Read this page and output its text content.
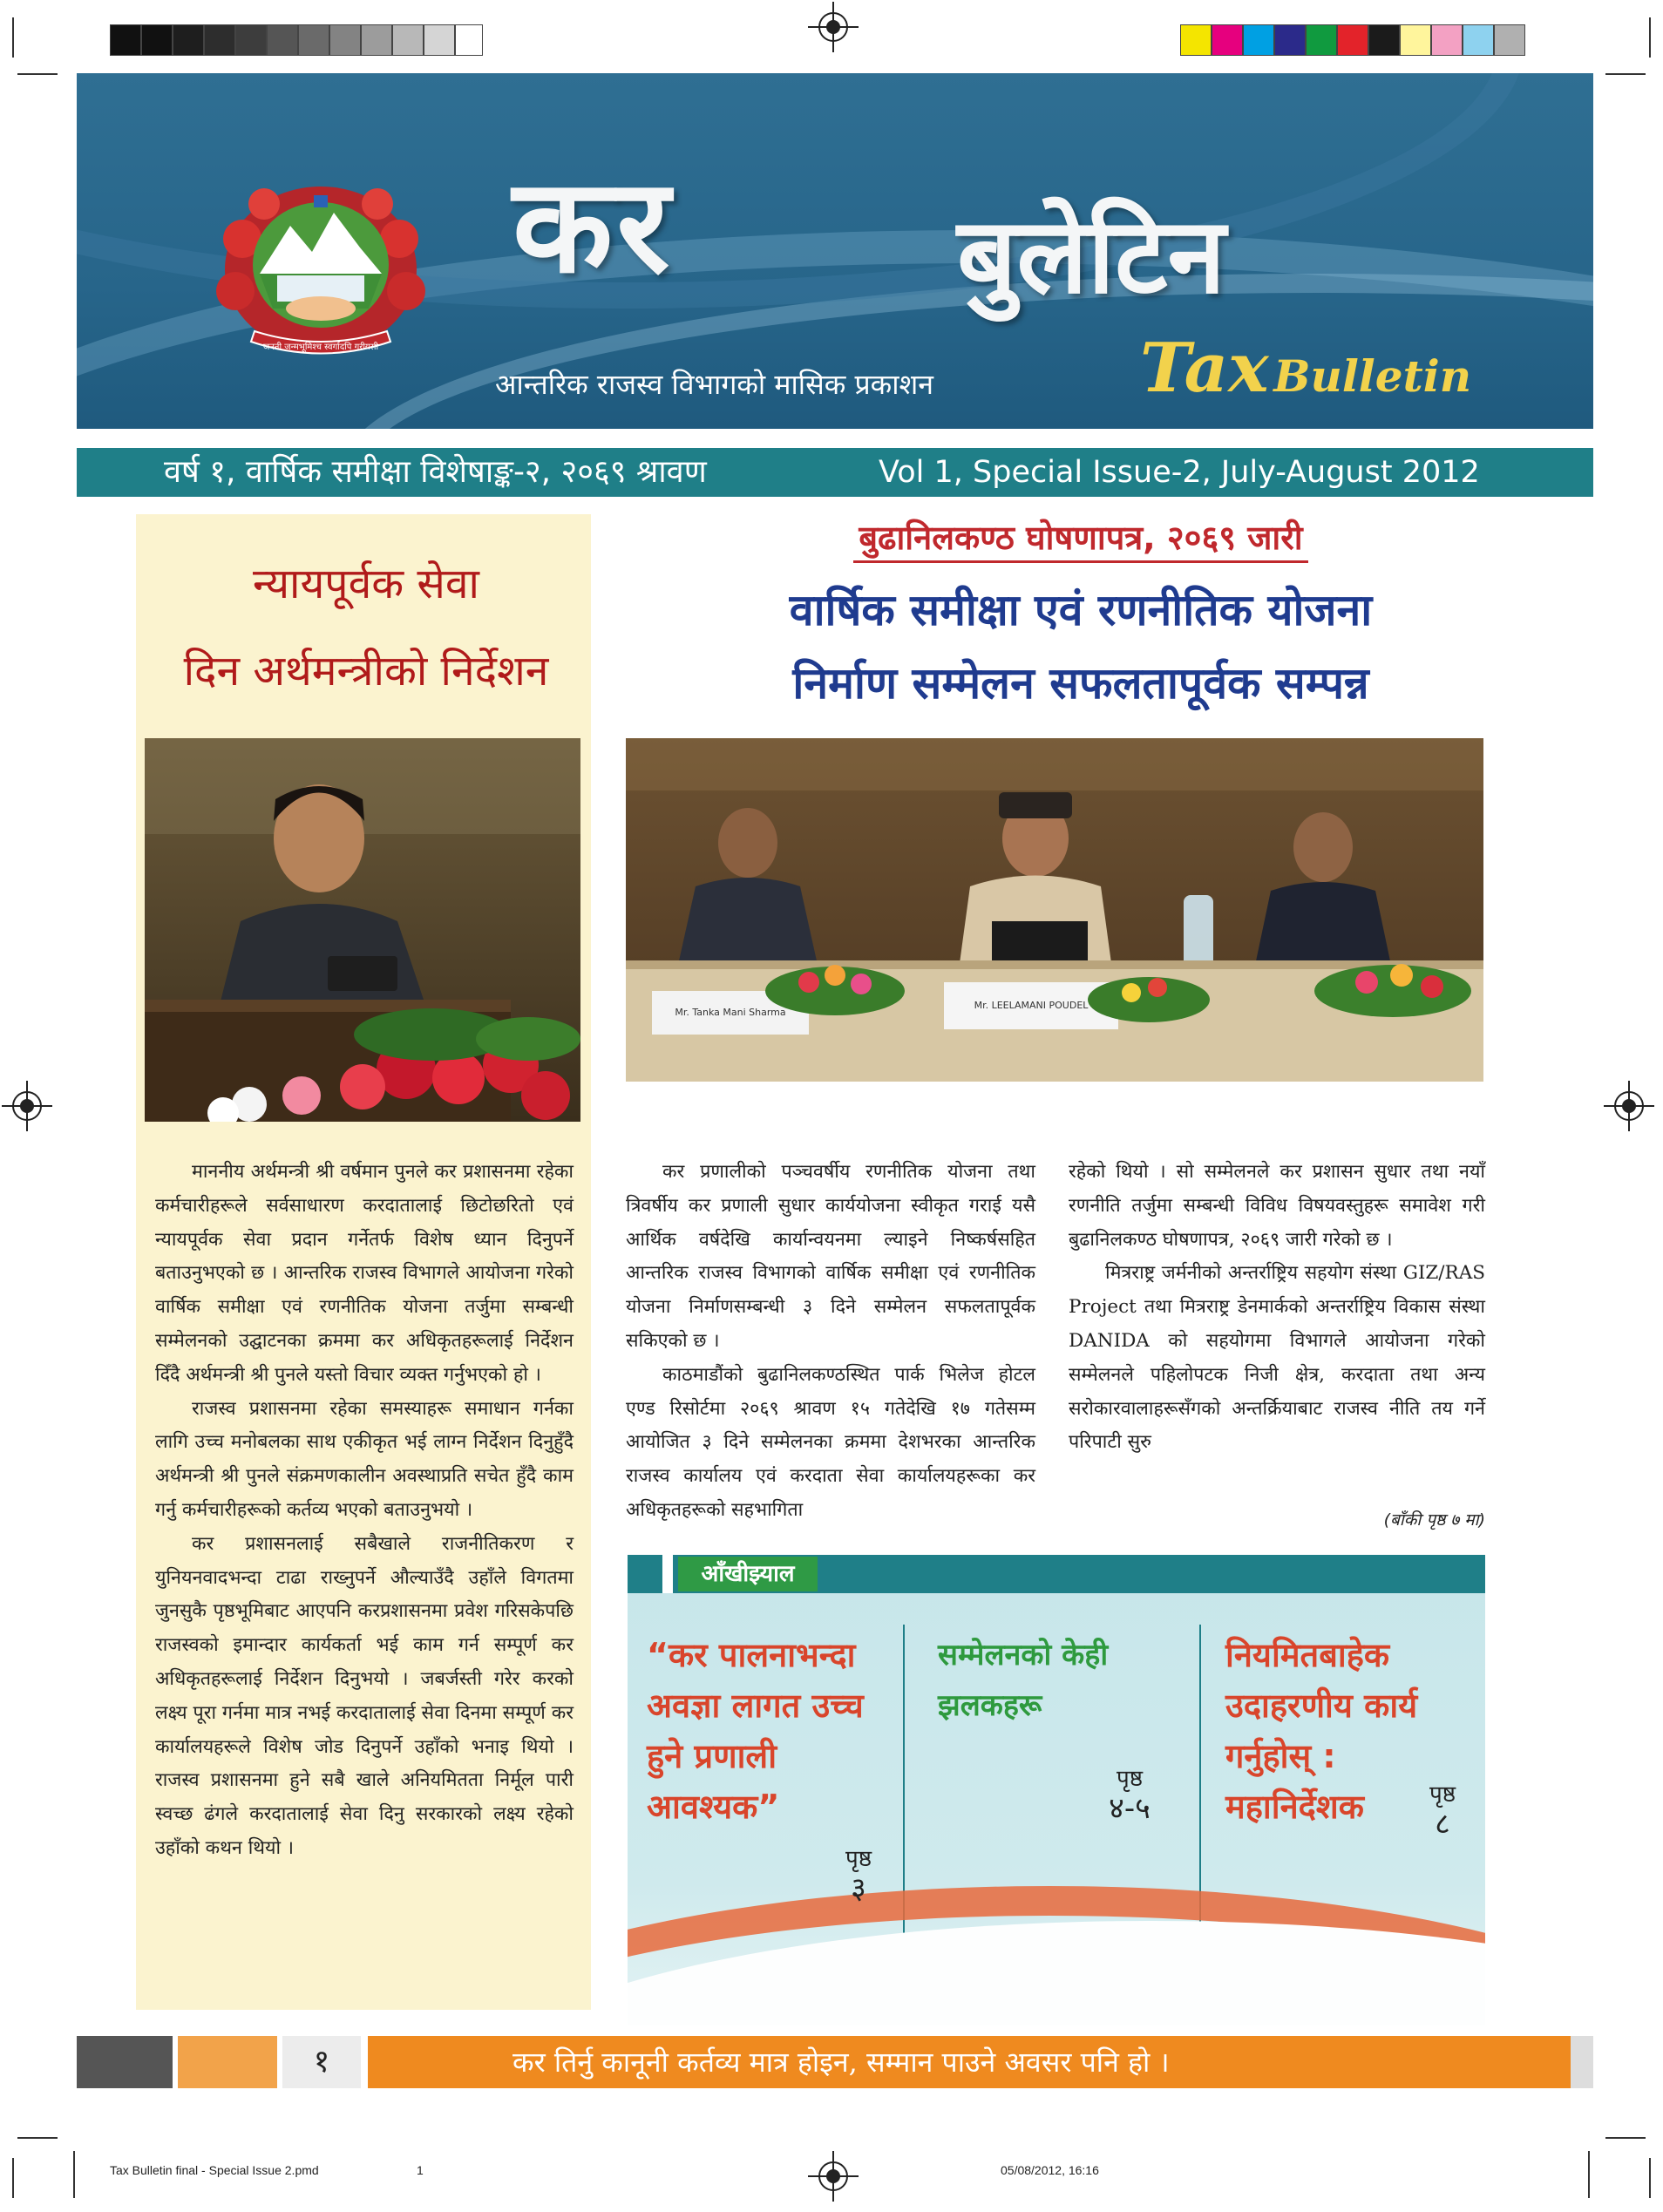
जननी जन्मभूमिश्च स्वर्गादपि गरीयसी
कर	बुलेटिन
आन्तरिक राजस्व विभागको मासिक प्रकाशन	Tax Bulletin
वर्ष १, वार्षिक समीक्षा विशेषाङ्क-२, २०६९ श्रावण	Vol 1, Special Issue-2, July-August 2012
न्यायपूर्वक सेवा
दिन अर्थमन्त्रीको निर्देशन

माननीय अर्थमन्त्री श्री वर्षमान पुनले कर प्रशासनमा रहेका कर्मचारीहरूले सर्वसाधारण करदातालाई छिटोछरितो एवं न्यायपूर्वक सेवा प्रदान गर्नेतर्फ विशेष ध्यान दिनुपर्ने बताउनुभएको छ । आन्तरिक राजस्व विभागले आयोजना गरेको वार्षिक समीक्षा एवं रणनीतिक योजना तर्जुमा सम्बन्धी सम्मेलनको उद्घाटनका क्रममा कर अधिकृतहरूलाई निर्देशन दिँदै अर्थमन्त्री श्री पुनले यस्तो विचार व्यक्त गर्नुभएको हो ।

राजस्व प्रशासनमा रहेका समस्याहरू समाधान गर्नका लागि उच्च मनोबलका साथ एकीकृत भई लाग्न निर्देशन दिनुहुँदै अर्थमन्त्री श्री पुनले संक्रमणकालीन अवस्थाप्रति सचेत हुँदै काम गर्नु कर्मचारीहरूको कर्तव्य भएको बताउनुभयो ।

कर प्रशासनलाई सबैखाले राजनीतिकरण र युनियनवादभन्दा टाढा राख्नुपर्ने औल्याउँदै उहाँले विगतमा जुनसुकै पृष्ठभूमिबाट आएपनि करप्रशासनमा प्रवेश गरिसकेपछि राजस्वको इमान्दार कार्यकर्ता भई काम गर्न सम्पूर्ण कर अधिकृतहरूलाई निर्देशन दिनुभयो । जबर्जस्ती गरेर करको लक्ष्य पूरा गर्नमा मात्र नभई करदातालाई सेवा दिनमा सम्पूर्ण कर कार्यालयहरूले विशेष जोड दिनुपर्ने उहाँको भनाइ थियो । राजस्व प्रशासनमा हुने सबै खाले अनियमितता निर्मूल पारी स्वच्छ ढंगले करदातालाई सेवा दिनु सरकारको लक्ष्य रहेको उहाँको कथन थियो ।

बुढानिलकण्ठ घोषणापत्र, २०६९ जारी
वार्षिक समीक्षा एवं रणनीतिक योजना
निर्माण सम्मेलन सफलतापूर्वक सम्पन्न
Mr. Tanka Mani Sharma
Mr. LEELAMANI POUDEL

कर प्रणालीको पञ्चवर्षीय रणनीतिक योजना तथा त्रिवर्षीय कर प्रणाली सुधार कार्ययोजना स्वीकृत गराई यसै आर्थिक वर्षदेखि कार्यान्वयनमा ल्याइने निष्कर्षसहित आन्तरिक राजस्व विभागको वार्षिक समीक्षा एवं रणनीतिक योजना निर्माणसम्बन्धी ३ दिने सम्मेलन सफलतापूर्वक सकिएको छ ।

काठमाडौंको बुढानिलकण्ठस्थित पार्क भिलेज होटल एण्ड रिसोर्टमा २०६९ श्रावण १५ गतेदेखि १७ गतेसम्म आयोजित ३ दिने सम्मेलनका क्रममा देशभरका आन्तरिक राजस्व कार्यालय एवं करदाता सेवा कार्यालयहरूका कर अधिकृतहरूको सहभागिता

रहेको थियो । सो सम्मेलनले कर प्रशासन सुधार तथा नयाँ रणनीति तर्जुमा सम्बन्धी विविध विषयवस्तुहरू समावेश गरी बुढानिलकण्ठ घोषणापत्र, २०६९ जारी गरेको छ ।

मित्रराष्ट्र जर्मनीको अन्तर्राष्ट्रिय सहयोग संस्था GIZ/RAS Project तथा मित्रराष्ट्र डेनमार्कको अन्तर्राष्ट्रिय विकास संस्था DANIDA को सहयोगमा विभागले आयोजना गरेको सम्मेलनले पहिलोपटक निजी क्षेत्र, करदाता तथा अन्य सरोकारवालाहरूसँगको अन्तर्क्रियाबाट राजस्व नीति तय गर्ने परिपाटी सुरु

(बाँकी पृष्ठ ७ मा)
आँखीझ्याल
“कर पालनाभन्दा अवज्ञा लागत उच्च हुने प्रणाली आवश्यक”
पृष्ठ
३
सम्मेलनको केही झलकहरू
पृष्ठ
४-५
नियमितबाहेक उदाहरणीय कार्य गर्नुहोस् : महानिर्देशक	पृष्ठ
८
१	कर तिर्नु कानूनी कर्तव्य मात्र होइन, सम्मान पाउने अवसर पनि हो ।
Tax Bulletin final - Special Issue 2.pmd	1	05/08/2012, 16:16
